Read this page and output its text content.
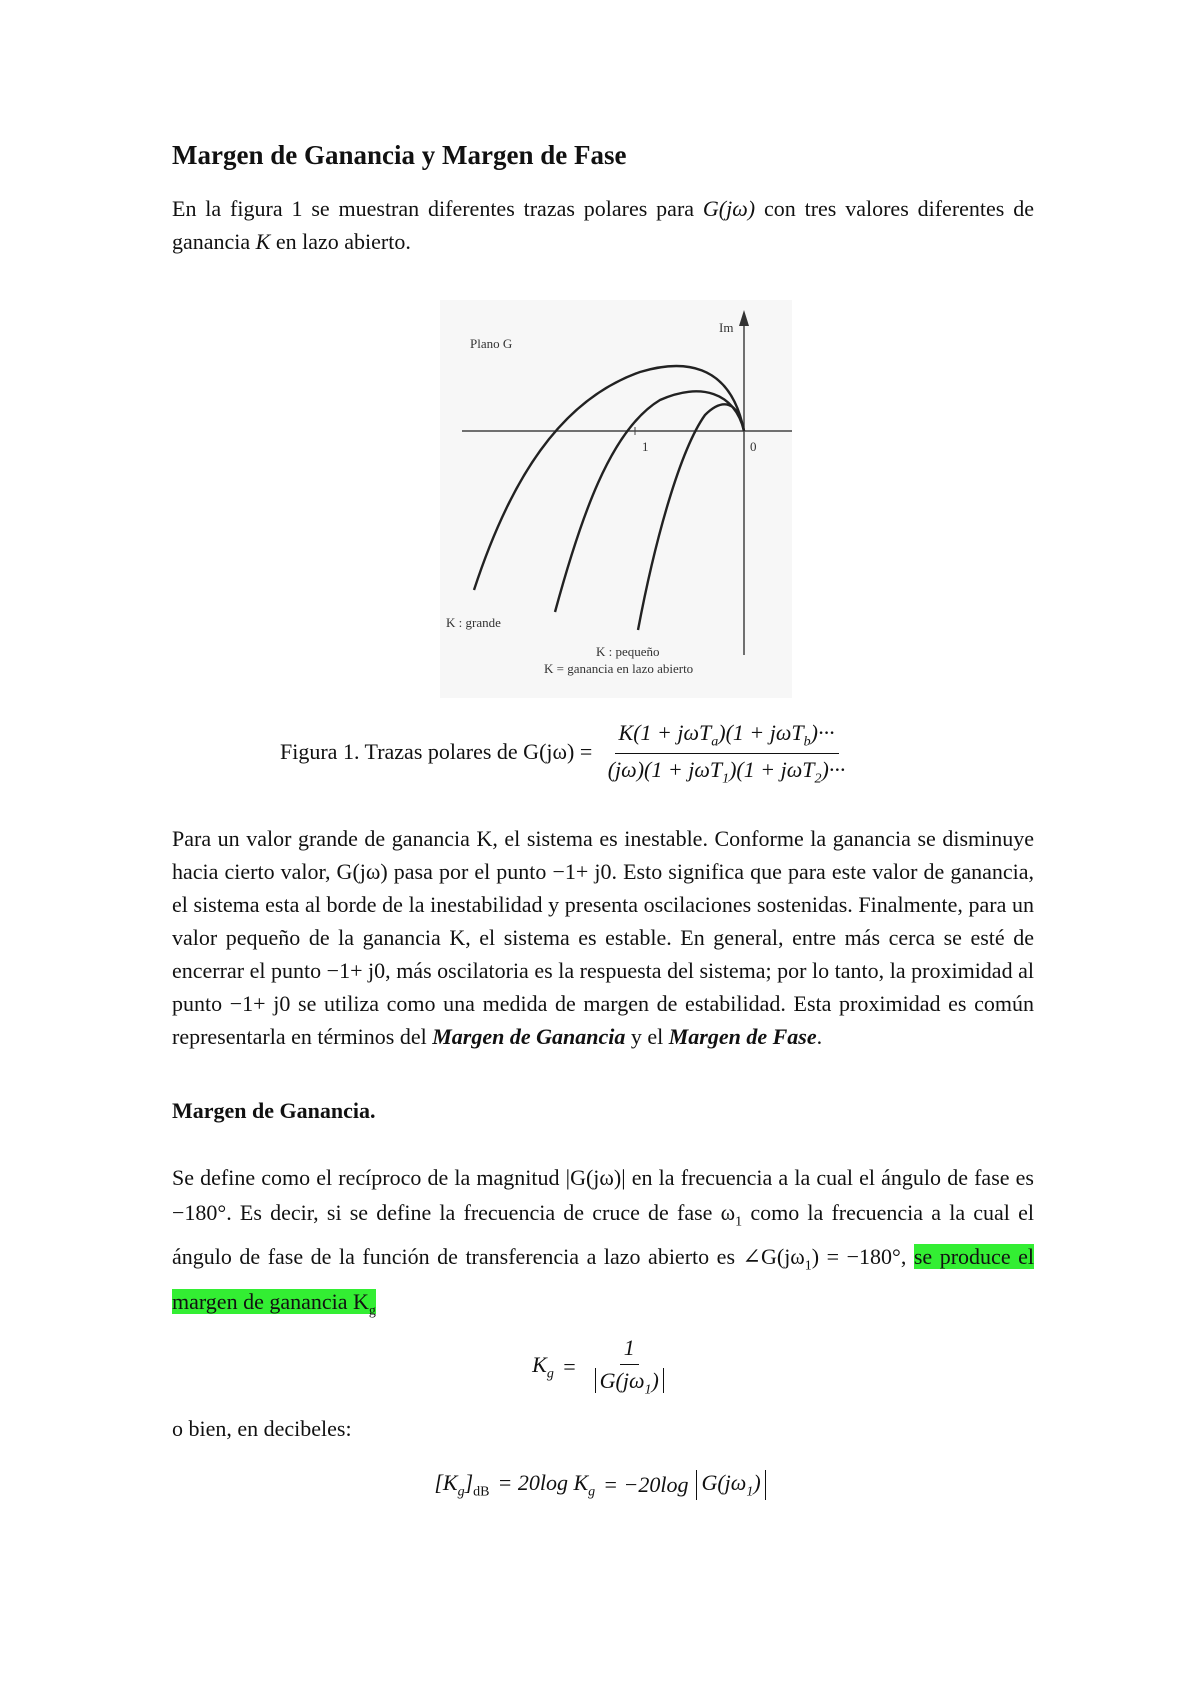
Margen de Ganancia y Margen de Fase

En la figura 1 se muestran diferentes trazas polares para G(jω) con tres valores diferentes de ganancia K en lazo abierto.

Plano G
Im
1	0
K : grande
K : pequeño
K = ganancia en lazo abierto
Figura 1. Trazas polares de $G(j\omega) = \frac{K(1 + j\omega T_a)(1 + j\omega T_b)\cdot\cdot\cdot}{(j\omega)(1 + j\omega T_1)(1 + j\omega T_2)\cdot\cdot\cdot}$

Para un valor grande de ganancia K, el sistema es inestable. Conforme la ganancia se disminuye hacia cierto valor, G(jω) pasa por el punto −1+ j0. Esto significa que para este valor de ganancia, el sistema esta al borde de la inestabilidad y presenta oscilaciones sostenidas. Finalmente, para un valor pequeño de la ganancia K, el sistema es estable. En general, entre más cerca se esté de encerrar el punto −1+ j0, más oscilatoria es la respuesta del sistema; por lo tanto, la proximidad al punto −1+ j0 se utiliza como una medida de margen de estabilidad. Esta proximidad es común representarla en términos del Margen de Ganancia y el Margen de Fase.

Margen de Ganancia.

Se define como el recíproco de la magnitud |G(jω)| en la frecuencia a la cual el ángulo de fase es −180°. Es decir, si se define la frecuencia de cruce de fase $\omega_1$ como la frecuencia a la cual el ángulo de fase de la función de transferencia a lazo abierto es $\angle G(j\omega_1) = -180^\circ$, se produce el margen de ganancia $K_g$

$K_g = \frac{1}{G(j\omega_1)}$

o bien, en decibeles:

$[K_g]_{dB} = 20\log$ $K_g = -20\log$ $G(j\omega_1)$
